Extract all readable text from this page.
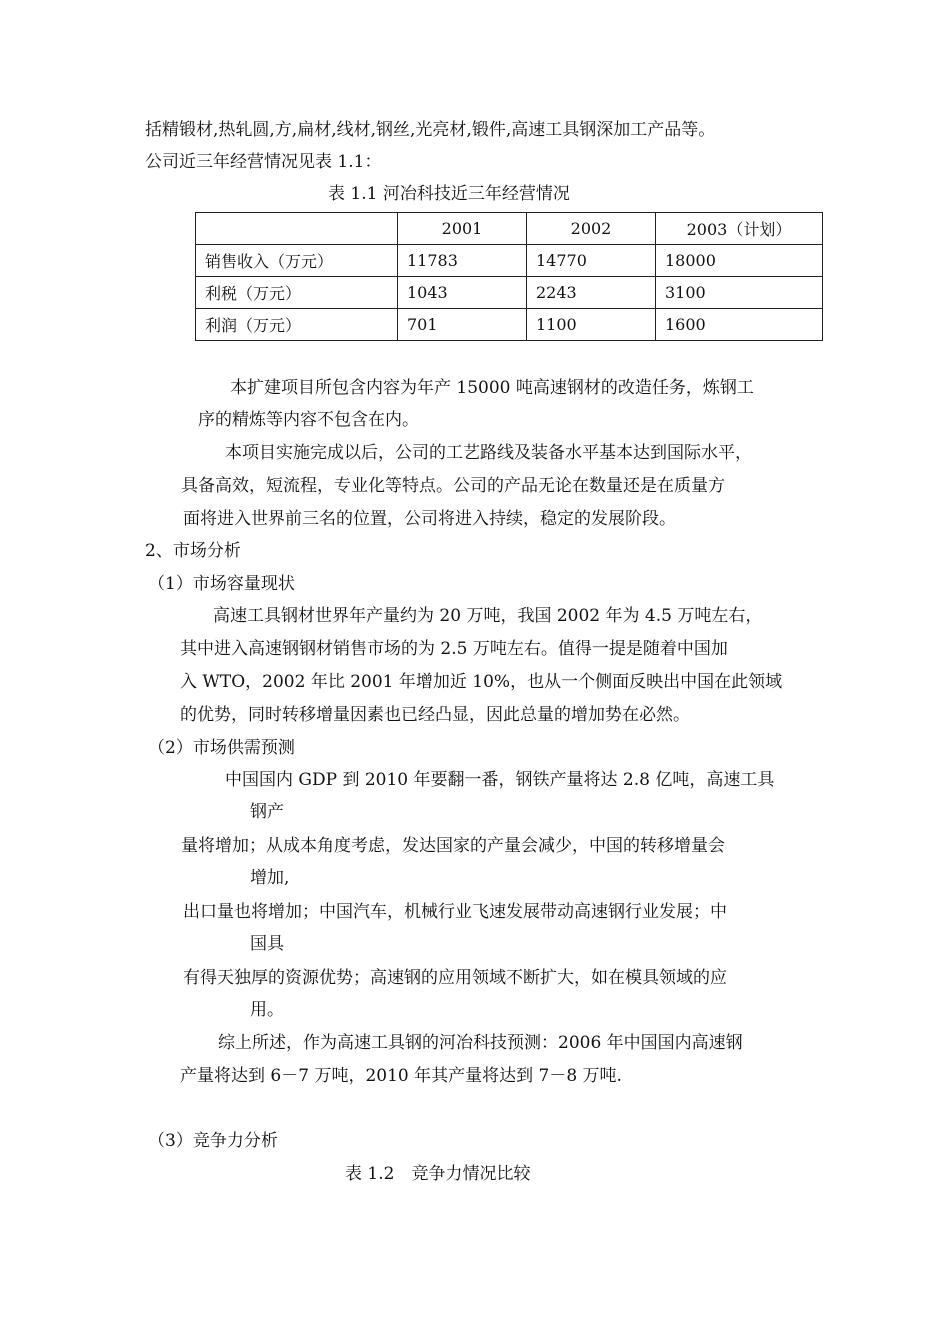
括精锻材,热轧圆,方,扁材,线材,钢丝,光亮材,锻件,高速工具钢深加工产品等。
公司近三年经营情况见表 1.1：
表 1.1 河冶科技近三年经营情况
	2001	2002	2003（计划）
销售收入（万元）	11783	14770	18000
利税（万元）	1043	2243	3100
利润（万元）	701	1100	1600
本扩建项目所包含内容为年产 15000 吨高速钢材的改造任务，炼钢工
序的精炼等内容不包含在内。
本项目实施完成以后，公司的工艺路线及装备水平基本达到国际水平，
具备高效，短流程，专业化等特点。公司的产品无论在数量还是在质量方
面将进入世界前三名的位置，公司将进入持续，稳定的发展阶段。
2、市场分析
（1）市场容量现状
高速工具钢材世界年产量约为 20 万吨，我国 2002 年为 4.5 万吨左右，
其中进入高速钢钢材销售市场的为 2.5 万吨左右。值得一提是随着中国加
入 WTO，2002 年比 2001 年增加近 10%，也从一个侧面反映出中国在此领域
的优势，同时转移增量因素也已经凸显，因此总量的增加势在必然。
（2）市场供需预测
中国国内 GDP 到 2010 年要翻一番，钢铁产量将达 2.8 亿吨，高速工具
钢产
量将增加；从成本角度考虑，发达国家的产量会减少，中国的转移增量会
增加,
出口量也将增加；中国汽车，机械行业飞速发展带动高速钢行业发展；中
国具
有得天独厚的资源优势；高速钢的应用领域不断扩大，如在模具领域的应
用。
综上所述，作为高速工具钢的河冶科技预测：2006 年中国国内高速钢
产量将达到 6－7 万吨，2010 年其产量将达到 7－8 万吨.
（3）竞争力分析
表 1.2　竞争力情况比较
